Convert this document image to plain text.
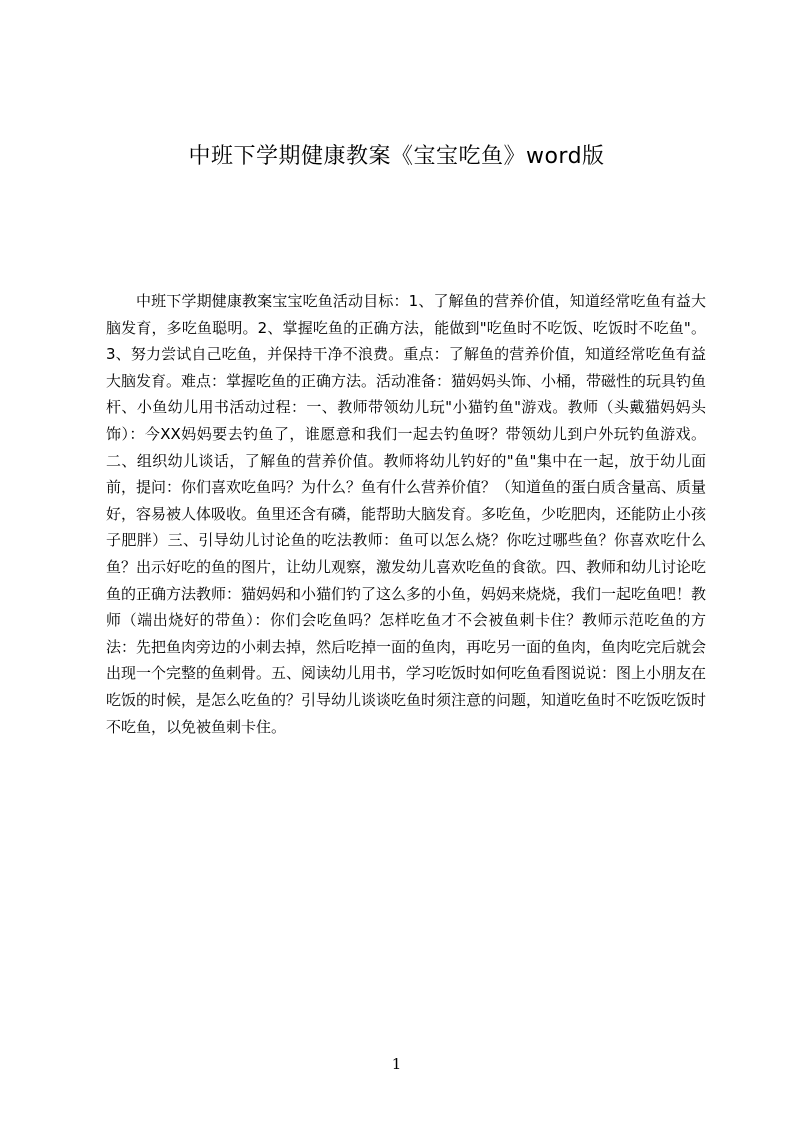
中班下学期健康教案《宝宝吃鱼》word版

中班下学期健康教案宝宝吃鱼活动目标：1、了解鱼的营养价值，知道经常吃鱼有益大脑发育，多吃鱼聪明。2、掌握吃鱼的正确方法，能做到"吃鱼时不吃饭、吃饭时不吃鱼"。3、努力尝试自己吃鱼，并保持干净不浪费。重点：了解鱼的营养价值，知道经常吃鱼有益大脑发育。难点：掌握吃鱼的正确方法。活动准备：猫妈妈头饰、小桶，带磁性的玩具钓鱼杆、小鱼幼儿用书活动过程：一、教师带领幼儿玩"小猫钓鱼"游戏。教师（头戴猫妈妈头饰）：今XX妈妈要去钓鱼了，谁愿意和我们一起去钓鱼呀？带领幼儿到户外玩钓鱼游戏。二、组织幼儿谈话，了解鱼的营养价值。教师将幼儿钓好的"鱼"集中在一起，放于幼儿面前，提问：你们喜欢吃鱼吗？为什么？鱼有什么营养价值？（知道鱼的蛋白质含量高、质量好，容易被人体吸收。鱼里还含有磷，能帮助大脑发育。多吃鱼，少吃肥肉，还能防止小孩子肥胖）三、引导幼儿讨论鱼的吃法教师：鱼可以怎么烧？你吃过哪些鱼？你喜欢吃什么鱼？出示好吃的鱼的图片，让幼儿观察，激发幼儿喜欢吃鱼的食欲。四、教师和幼儿讨论吃鱼的正确方法教师：猫妈妈和小猫们钓了这么多的小鱼，妈妈来烧烧，我们一起吃鱼吧！教师（端出烧好的带鱼）：你们会吃鱼吗？怎样吃鱼才不会被鱼刺卡住？教师示范吃鱼的方法：先把鱼肉旁边的小刺去掉，然后吃掉一面的鱼肉，再吃另一面的鱼肉，鱼肉吃完后就会出现一个完整的鱼刺骨。五、阅读幼儿用书，学习吃饭时如何吃鱼看图说说：图上小朋友在吃饭的时候，是怎么吃鱼的？引导幼儿谈谈吃鱼时须注意的问题，知道吃鱼时不吃饭吃饭时不吃鱼，以免被鱼刺卡住。

1
